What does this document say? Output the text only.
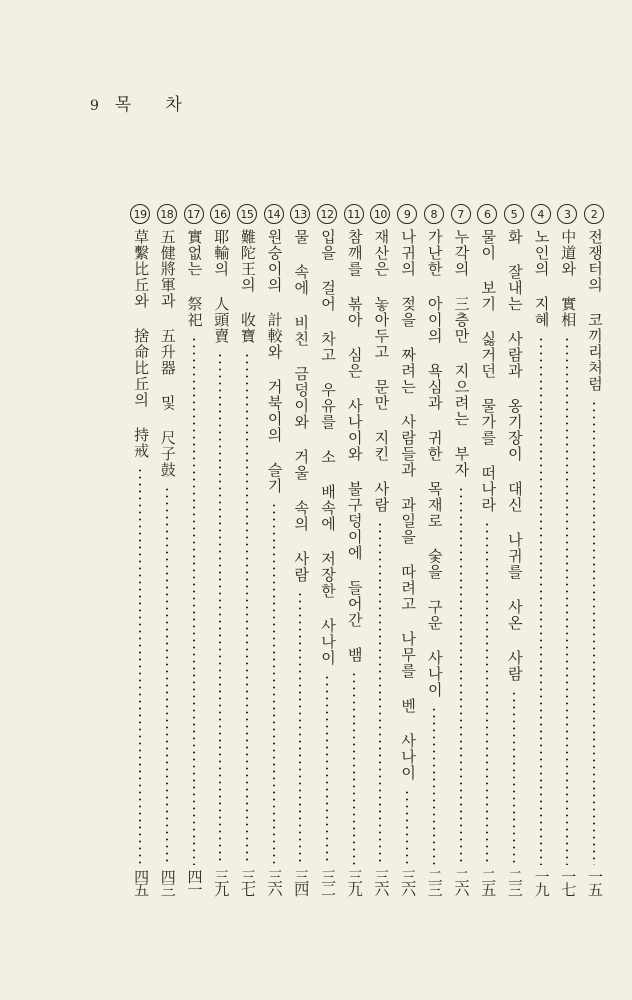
9 목 차
2
전쟁터의 코끼리처럼
一五
3
中道와 實相
一七
4
노인의 지혜
一九
5
화 잘내는 사람과 옹기장이 대신 나귀를 사온 사람
二三
6
물이 보기 싫거던 물가를 떠나라
二五
7
누각의 三층만 지으려는 부자
二六
8
가난한 아이의 욕심과 귀한 목재로 숯을 구운 사나이
二三
9
나귀의 젖을 짜려는 사람들과 과일을 따려고 나무를 벤 사나이
三六
10
재산은 놓아두고 문만 지킨 사람
三六
11
참깨를 볶아 심은 사나이와 불구덩이에 들어간 뱀
三九
12
입을 걸어 차고 우유를 소 배속에 저장한 사나이
三二
13
물 속에 비친 금덩이와 거울 속의 사람
三四
14
원숭이의 計較와 거북이의 슬기
三六
15
難陀王의 收寶
三七
16
耶輸의 人頭賣
三九
17
實없는 祭祀
四一
18
五健將軍과 五升器 및 尺子鼓
四三
19
草繫比丘와 捨命比丘의 持戒
四五
